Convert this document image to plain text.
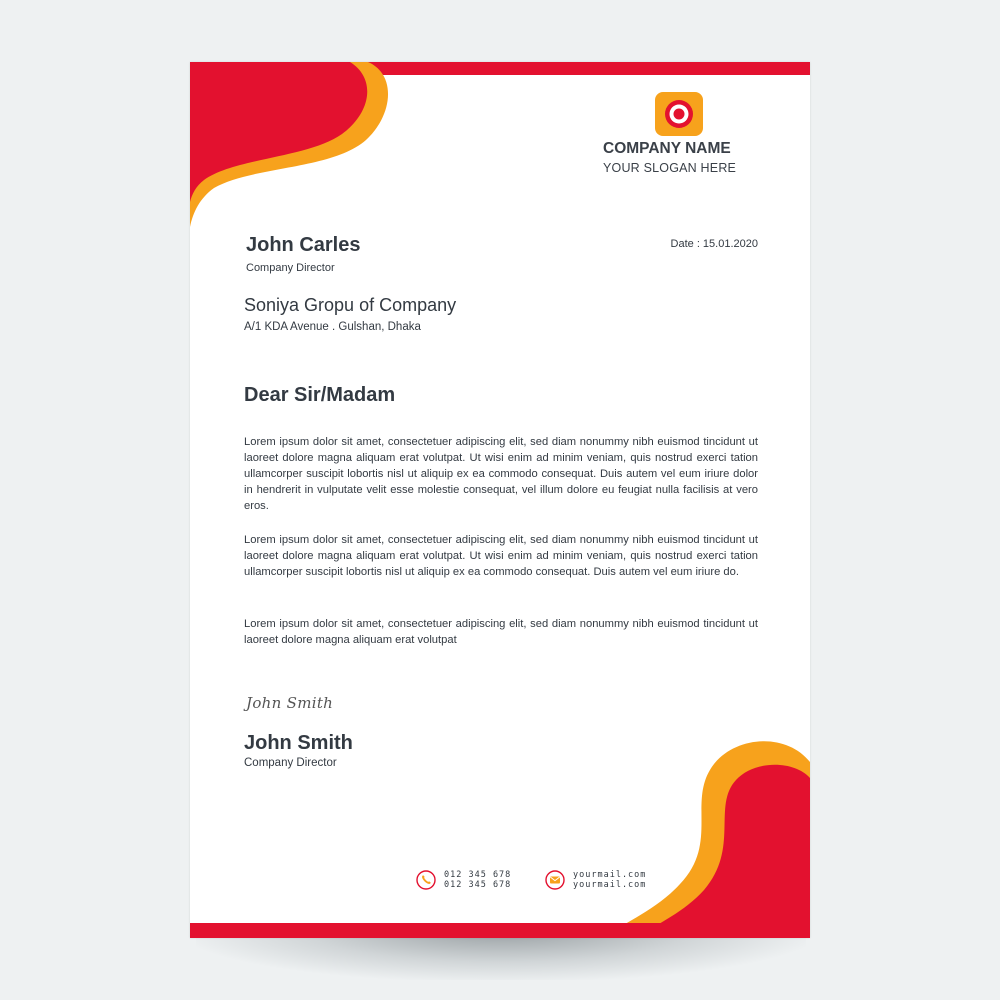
COMPANY NAME
YOUR SLOGAN HERE
John Carles
Company Director
Date : 15.01.2020
Soniya Gropu of Company
A/1 KDA Avenue . Gulshan, Dhaka
Dear Sir/Madam

Lorem ipsum dolor sit amet, consectetuer adipiscing elit, sed diam nonummy nibh euismod tincidunt ut laoreet dolore magna aliquam erat volutpat. Ut wisi enim ad minim veniam, quis nostrud exerci tation ullamcorper suscipit lobortis nisl ut aliquip ex ea commodo consequat. Duis autem vel eum iriure dolor in hendrerit in vulputate velit esse molestie consequat, vel illum dolore eu feugiat nulla facilisis at vero eros.

Lorem ipsum dolor sit amet, consectetuer adipiscing elit, sed diam nonummy nibh euismod tincidunt ut laoreet dolore magna aliquam erat volutpat. Ut wisi enim ad minim veniam, quis nostrud exerci tation ullamcorper suscipit lobortis nisl ut aliquip ex ea commodo consequat. Duis autem vel eum iriure do.

Lorem ipsum dolor sit amet, consectetuer adipiscing elit, sed diam nonummy nibh euismod tincidunt ut laoreet dolore magna aliquam erat volutpat

John Smith
John Smith
Company Director
012 345 678
012 345 678
yourmail.com
yourmail.com
